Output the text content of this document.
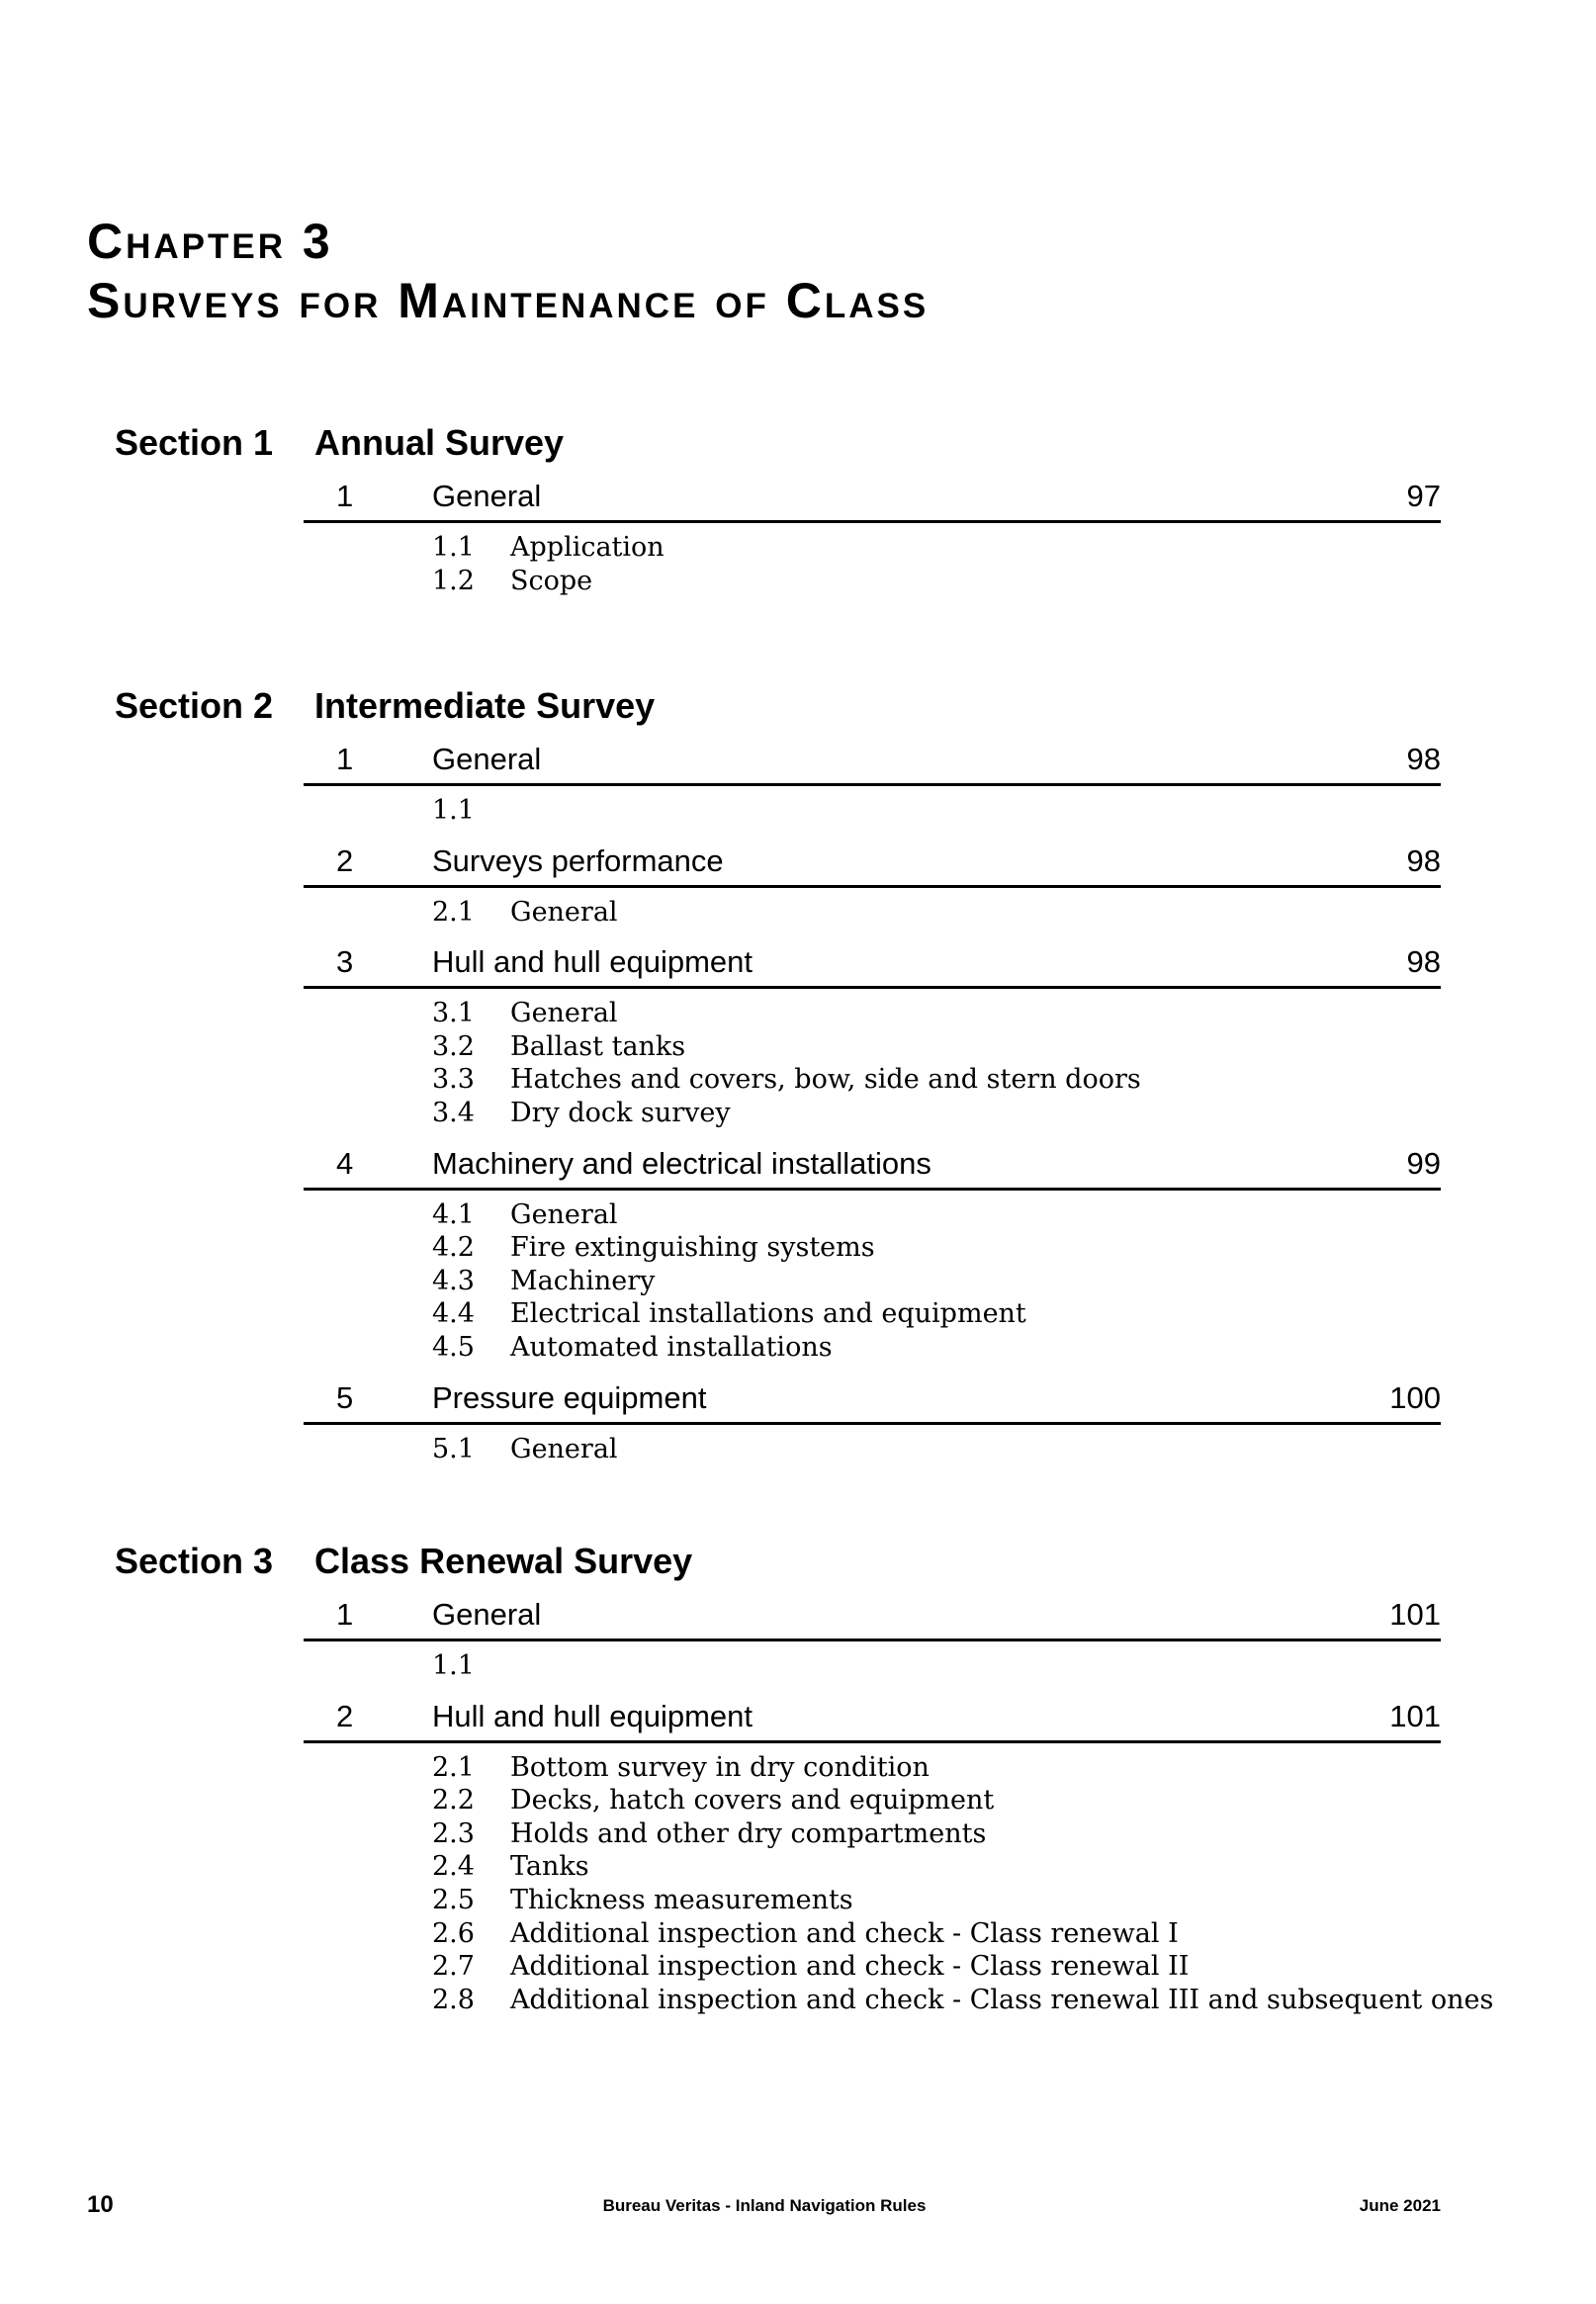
Chapter 3
Surveys for Maintenance of Class
Section 1 Annual Survey
1	General	97
1.1 Application
1.2 Scope
Section 2 Intermediate Survey
1	General	98
1.1
2	Surveys performance	98
2.1 General
3	Hull and hull equipment	98
3.1 General
3.2 Ballast tanks
3.3 Hatches and covers, bow, side and stern doors
3.4 Dry dock survey
4	Machinery and electrical installations	99
4.1 General
4.2 Fire extinguishing systems
4.3 Machinery
4.4 Electrical installations and equipment
4.5 Automated installations
5	Pressure equipment	100
5.1 General
Section 3 Class Renewal Survey
1	General	101
1.1
2	Hull and hull equipment	101
2.1 Bottom survey in dry condition
2.2 Decks, hatch covers and equipment
2.3 Holds and other dry compartments
2.4 Tanks
2.5 Thickness measurements
2.6 Additional inspection and check - Class renewal I
2.7 Additional inspection and check - Class renewal II
2.8 Additional inspection and check - Class renewal III and subsequent ones
10	Bureau Veritas - Inland Navigation Rules	June 2021
